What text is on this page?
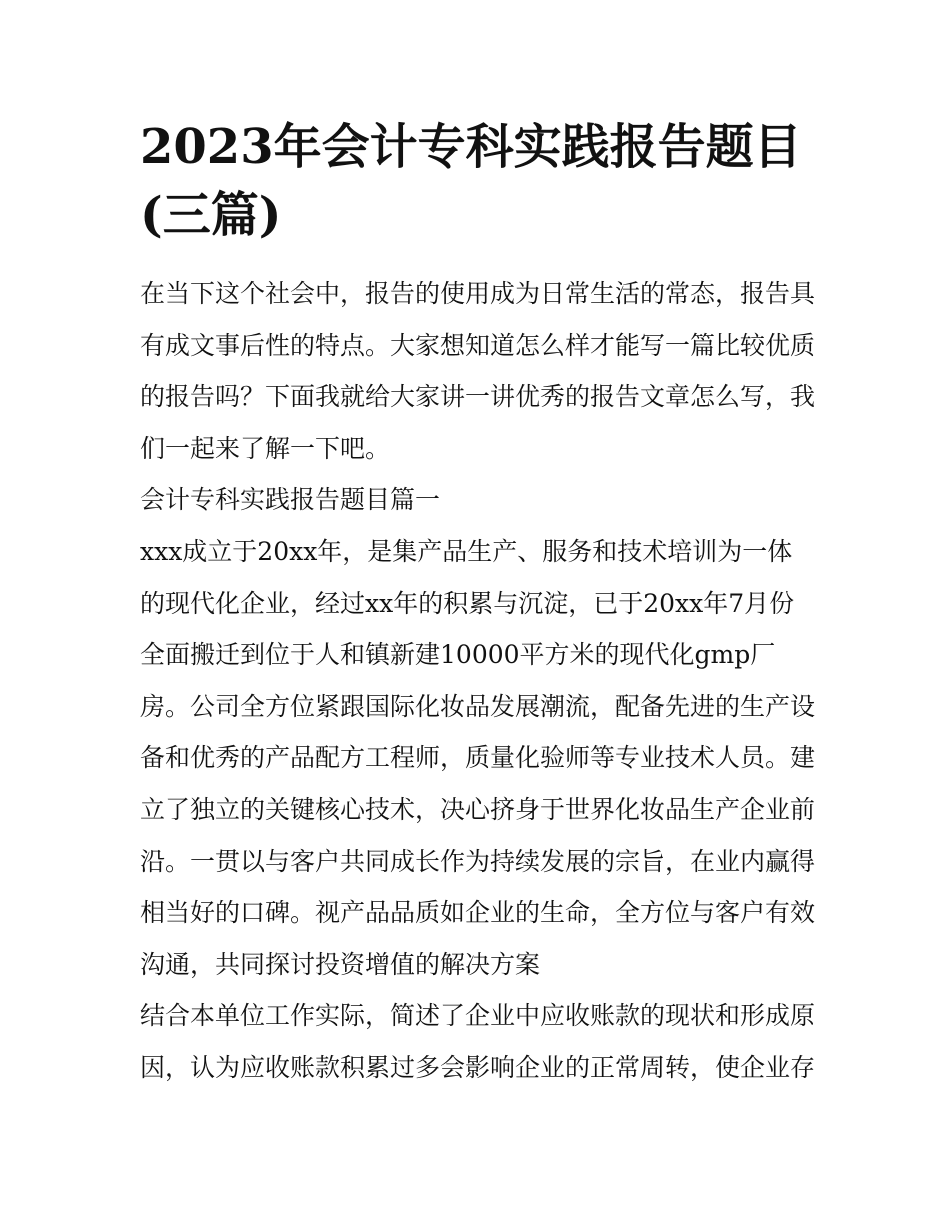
2023年会计专科实践报告题目
(三篇)
在当下这个社会中，报告的使用成为日常生活的常态，报告具
有成文事后性的特点。大家想知道怎么样才能写一篇比较优质
的报告吗？下面我就给大家讲一讲优秀的报告文章怎么写，我
们一起来了解一下吧。
会计专科实践报告题目篇一
xxx成立于20xx年，是集产品生产、服务和技术培训为一体
的现代化企业，经过xx年的积累与沉淀，已于20xx年7月份
全面搬迁到位于人和镇新建10000平方米的现代化gmp厂
房。公司全方位紧跟国际化妆品发展潮流，配备先进的生产设
备和优秀的产品配方工程师，质量化验师等专业技术人员。建
立了独立的关键核心技术，决心挤身于世界化妆品生产企业前
沿。一贯以与客户共同成长作为持续发展的宗旨，在业内赢得
相当好的口碑。视产品品质如企业的生命，全方位与客户有效
沟通，共同探讨投资增值的解决方案
结合本单位工作实际，简述了企业中应收账款的现状和形成原
因，认为应收账款积累过多会影响企业的正常周转，使企业存
